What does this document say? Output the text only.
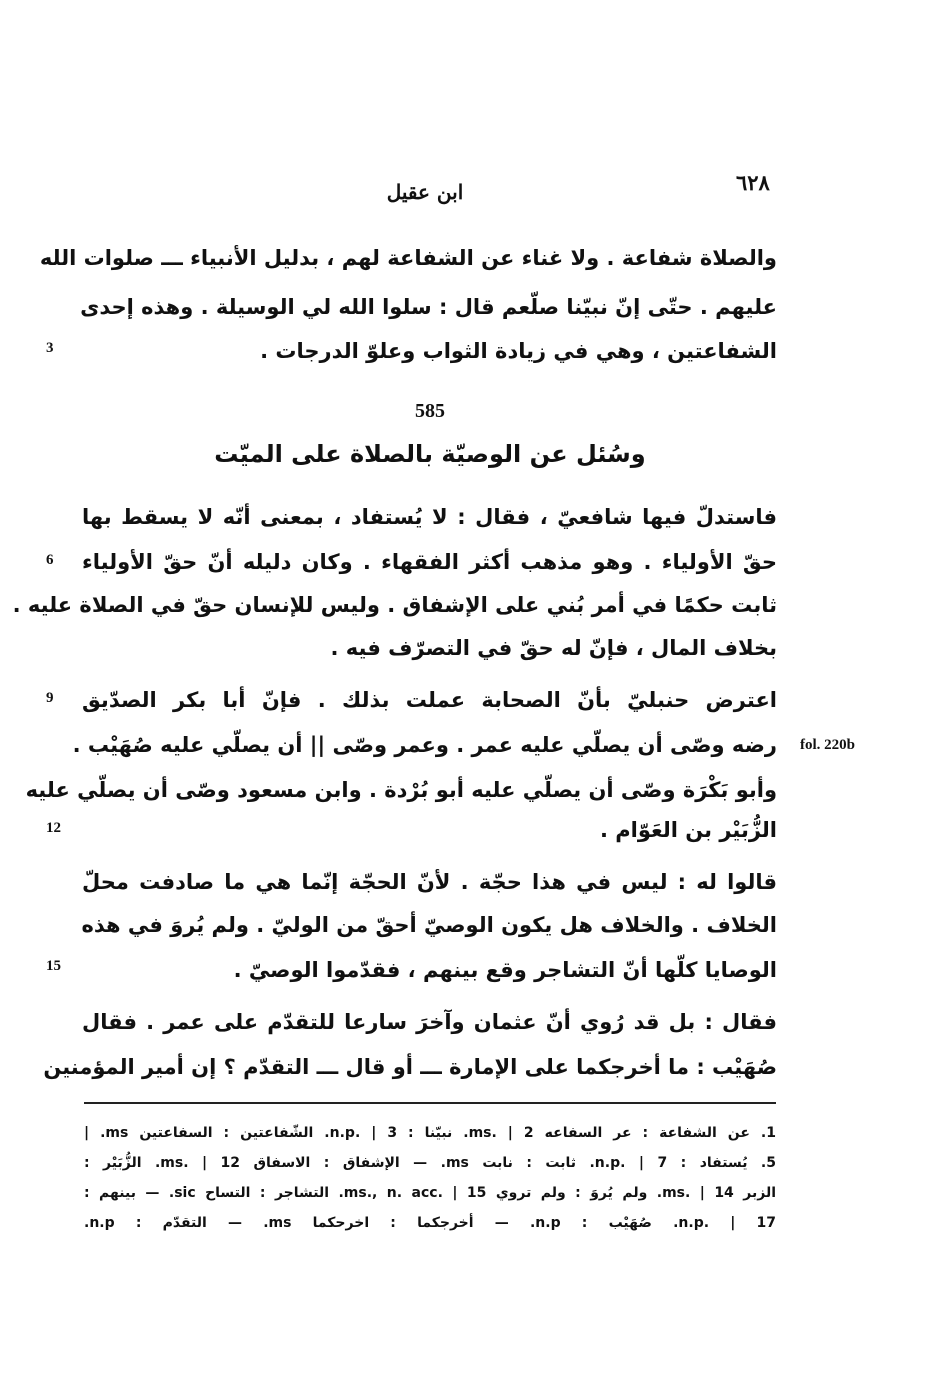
٦٢٨
ابن عقيل
والصلاة شفاعة . ولا غناء عن الشفاعة لهم ، بدليل الأنبياء ـــ صلوات الله
عليهم . حتّى إنّ نبيّنا صلّعم قال : سلوا الله لي الوسيلة . وهذه إحدى
الشفاعتين ، وهي في زيادة الثواب وعلوّ الدرجات .
3
585
وسُئل عن الوصيّة بالصلاة على الميّت
فاستدلّ فيها شافعيّ ، فقال : لا يُستفاد ، بمعنى أنّه لا يسقط بها
حقّ الأولياء . وهو مذهب أكثر الفقهاء . وكان دليله أنّ حقّ الأولياء
6
ثابت حكمًا في أمر بُني على الإشفاق . وليس للإنسان حقّ في الصلاة عليه .
بخلاف المال ، فإنّ له حقّ في التصرّف فيه .
اعترض حنبليّ بأنّ الصحابة عملت بذلك . فإنّ أبا بكر الصدّيق
9
رضه وصّى أن يصلّي عليه عمر . وعمر وصّى || أن يصلّي عليه صُهَيْب . fol. 220b
وأبو بَكْرَة وصّى أن يصلّي عليه أبو بُرْدة . وابن مسعود وصّى أن يصلّي عليه
الزُّبَيْر بن العَوّام .
12
قالوا له : ليس في هذا حجّة . لأنّ الحجّة إنّما هي ما صادفت محلّ
الخلاف . والخلاف هل يكون الوصيّ أحقّ من الوليّ . ولم يُروَ في هذه
الوصايا كلّها أنّ التشاجر وقع بينهم ، فقدّموا الوصيّ .
15
فقال : بل قد رُوي أنّ عثمان وآخرَ سارعا للتقدّم على عمر . فقال
صُهَيْب : ما أخرجكما على الإمارة ـــ أو قال ـــ التقدّم ؟ إن أمير المؤمنين
1. عن الشفاعة : عر السفاعه ms. | 2. نبيّنا : n.p. | 3. الشّفاعتين : السفاعتين ms. |
5. يُستفاد : n.p. | 7. ثابت : نابت ms. — الإشفاق : الاسفاق ms. | 12. الزُّبَيْر :
الزبر ms. | 14. ولم يُروَ : ولم تروي ms., n. acc. | 15. التشاجر : التساح sic. — بينهم :
n.p. | 17. صُهَيْب : n.p. — أخرجكما : اخرحكما ms. — التقدّم : n.p.
